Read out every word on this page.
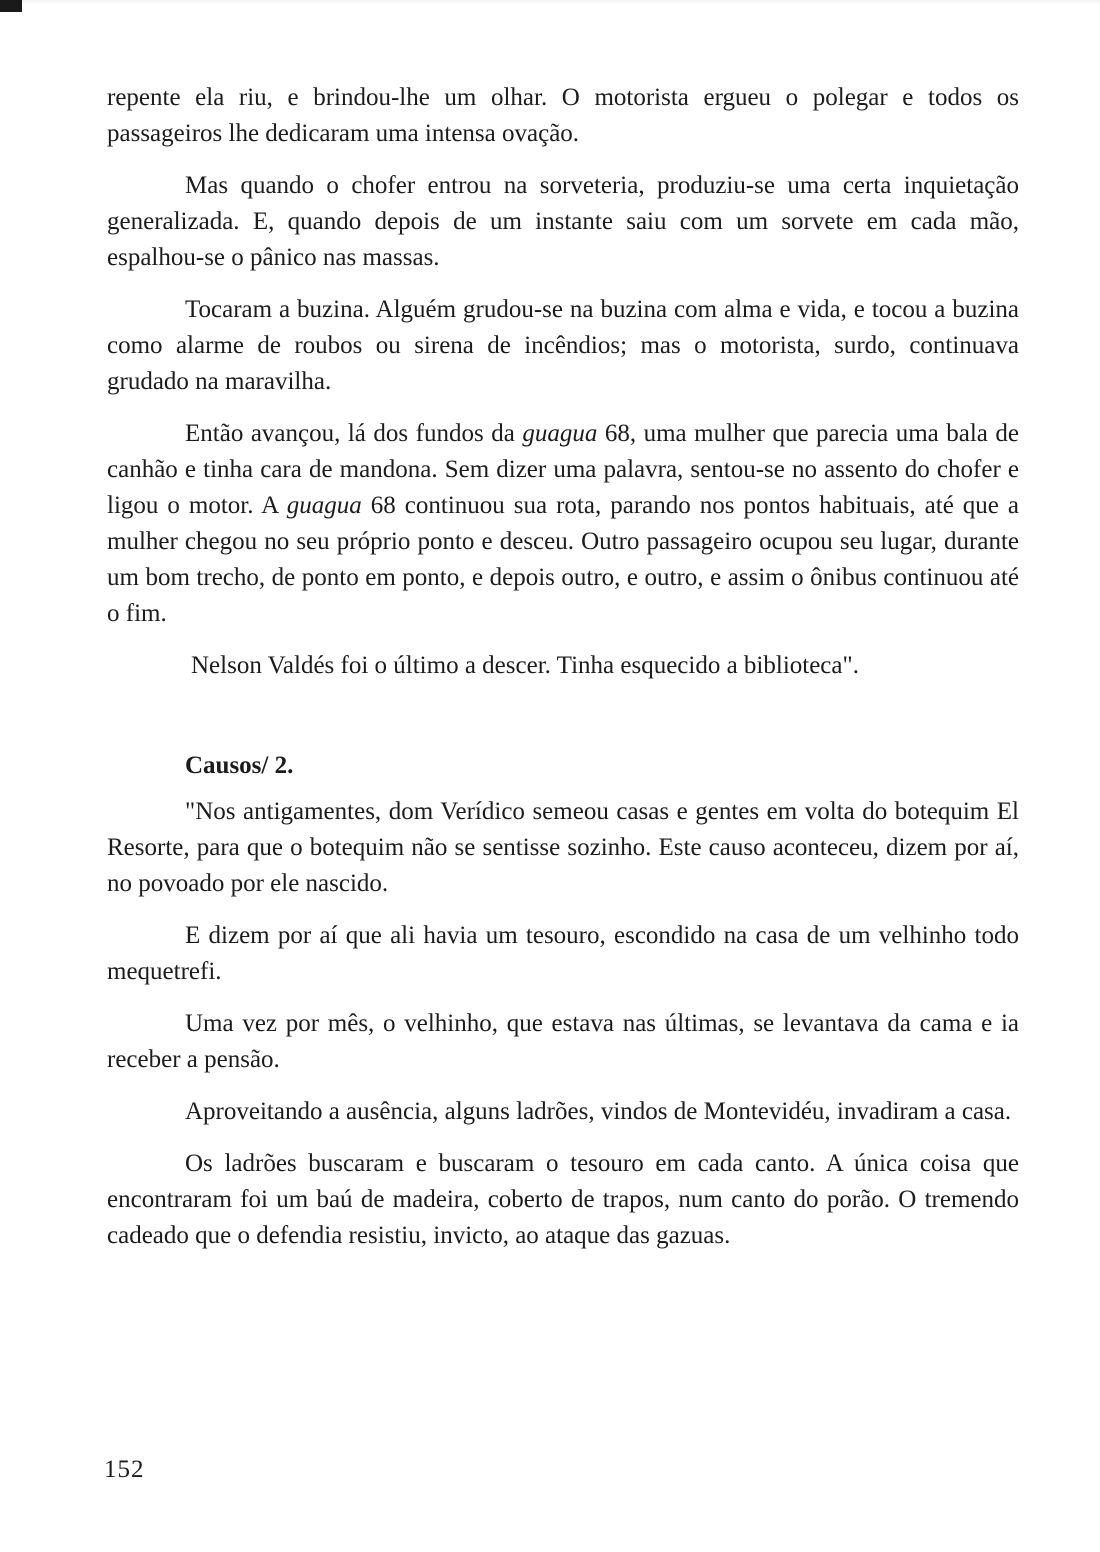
repente ela riu, e brindou-lhe um olhar. O motorista ergueu o polegar e todos os passageiros lhe dedicaram uma intensa ovação.

Mas quando o chofer entrou na sorveteria, produziu-se uma certa inquietação generalizada. E, quando depois de um instante saiu com um sorvete em cada mão, espalhou-se o pânico nas massas.

Tocaram a buzina. Alguém grudou-se na buzina com alma e vida, e tocou a buzina como alarme de roubos ou sirena de incêndios; mas o motorista, surdo, continuava grudado na maravilha.

Então avançou, lá dos fundos da guagua 68, uma mulher que parecia uma bala de canhão e tinha cara de mandona. Sem dizer uma palavra, sentou-se no assento do chofer e ligou o motor. A guagua 68 continuou sua rota, parando nos pontos habituais, até que a mulher chegou no seu próprio ponto e desceu. Outro passageiro ocupou seu lugar, durante um bom trecho, de ponto em ponto, e depois outro, e outro, e assim o ônibus continuou até o fim.

Nelson Valdés foi o último a descer. Tinha esquecido a biblioteca".

Causos/ 2.

"Nos antigamentes, dom Verídico semeou casas e gentes em volta do botequim El Resorte, para que o botequim não se sentisse sozinho. Este causo aconteceu, dizem por aí, no povoado por ele nascido.

E dizem por aí que ali havia um tesouro, escondido na casa de um velhinho todo mequetrefi.

Uma vez por mês, o velhinho, que estava nas últimas, se levantava da cama e ia receber a pensão.

Aproveitando a ausência, alguns ladrões, vindos de Montevidéu, invadiram a casa.

Os ladrões buscaram e buscaram o tesouro em cada canto. A única coisa que encontraram foi um baú de madeira, coberto de trapos, num canto do porão. O tremendo cadeado que o defendia resistiu, invicto, ao ataque das gazuas.

152
